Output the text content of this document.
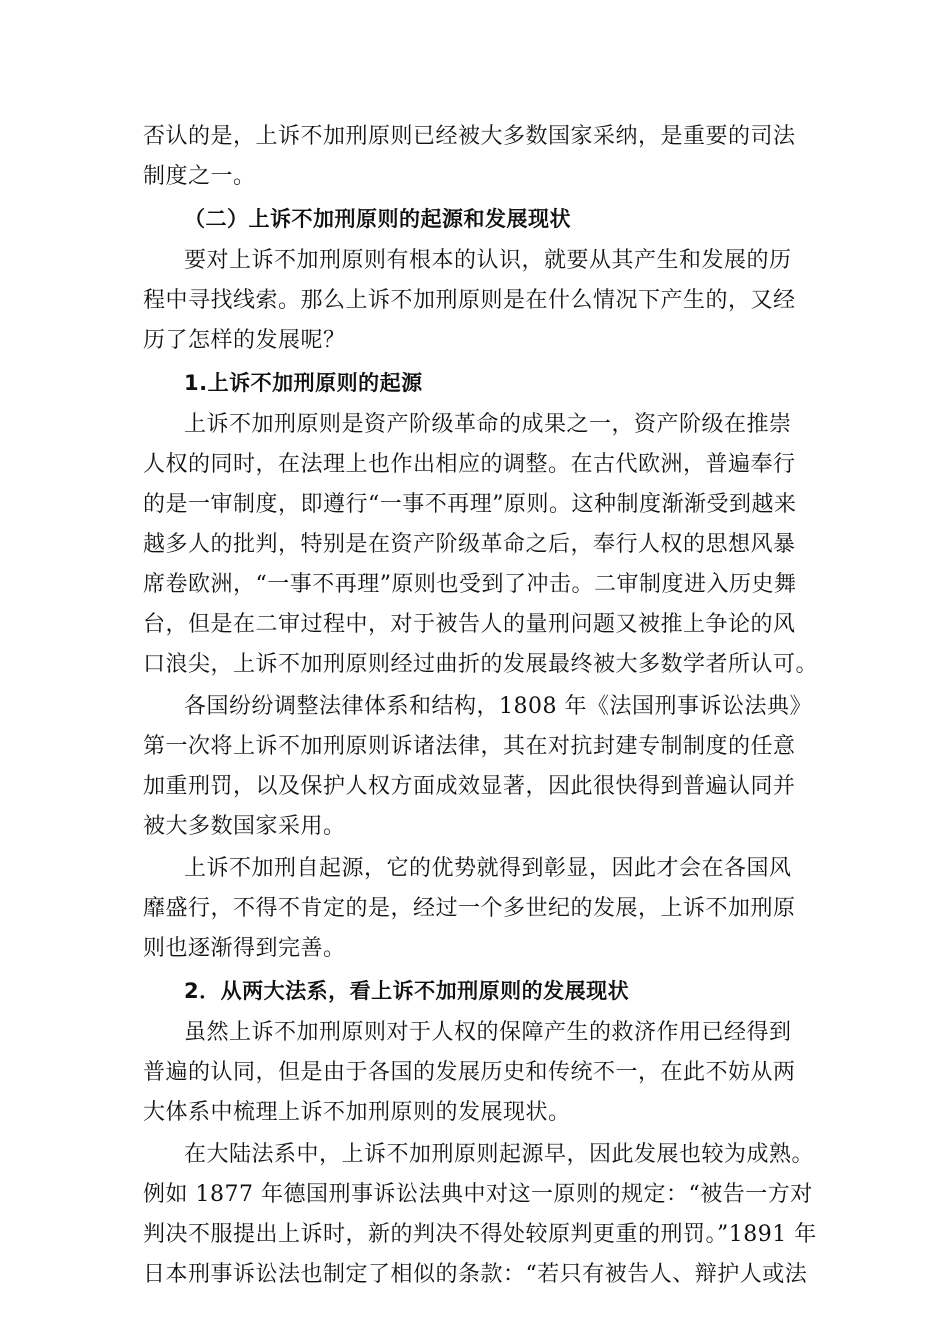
否认的是，上诉不加刑原则已经被大多数国家采纳，是重要的司法
制度之一。
（二）上诉不加刑原则的起源和发展现状
要对上诉不加刑原则有根本的认识，就要从其产生和发展的历
程中寻找线索。那么上诉不加刑原则是在什么情况下产生的，又经
历了怎样的发展呢？
1.上诉不加刑原则的起源
上诉不加刑原则是资产阶级革命的成果之一，资产阶级在推崇
人权的同时，在法理上也作出相应的调整。在古代欧洲，普遍奉行
的是一审制度，即遵行“一事不再理”原则。这种制度渐渐受到越来
越多人的批判，特别是在资产阶级革命之后，奉行人权的思想风暴
席卷欧洲，“一事不再理”原则也受到了冲击。二审制度进入历史舞
台，但是在二审过程中，对于被告人的量刑问题又被推上争论的风
口浪尖，上诉不加刑原则经过曲折的发展最终被大多数学者所认可。
各国纷纷调整法律体系和结构，1808 年《法国刑事诉讼法典》
第一次将上诉不加刑原则诉诸法律，其在对抗封建专制制度的任意
加重刑罚，以及保护人权方面成效显著，因此很快得到普遍认同并
被大多数国家采用。
上诉不加刑自起源，它的优势就得到彰显，因此才会在各国风
靡盛行，不得不肯定的是，经过一个多世纪的发展，上诉不加刑原
则也逐渐得到完善。
2．从两大法系，看上诉不加刑原则的发展现状
虽然上诉不加刑原则对于人权的保障产生的救济作用已经得到
普遍的认同，但是由于各国的发展历史和传统不一，在此不妨从两
大体系中梳理上诉不加刑原则的发展现状。
在大陆法系中，上诉不加刑原则起源早，因此发展也较为成熟。
例如 1877 年德国刑事诉讼法典中对这一原则的规定：“被告一方对
判决不服提出上诉时，新的判决不得处较原判更重的刑罚。”1891 年
日本刑事诉讼法也制定了相似的条款：“若只有被告人、辩护人或法
